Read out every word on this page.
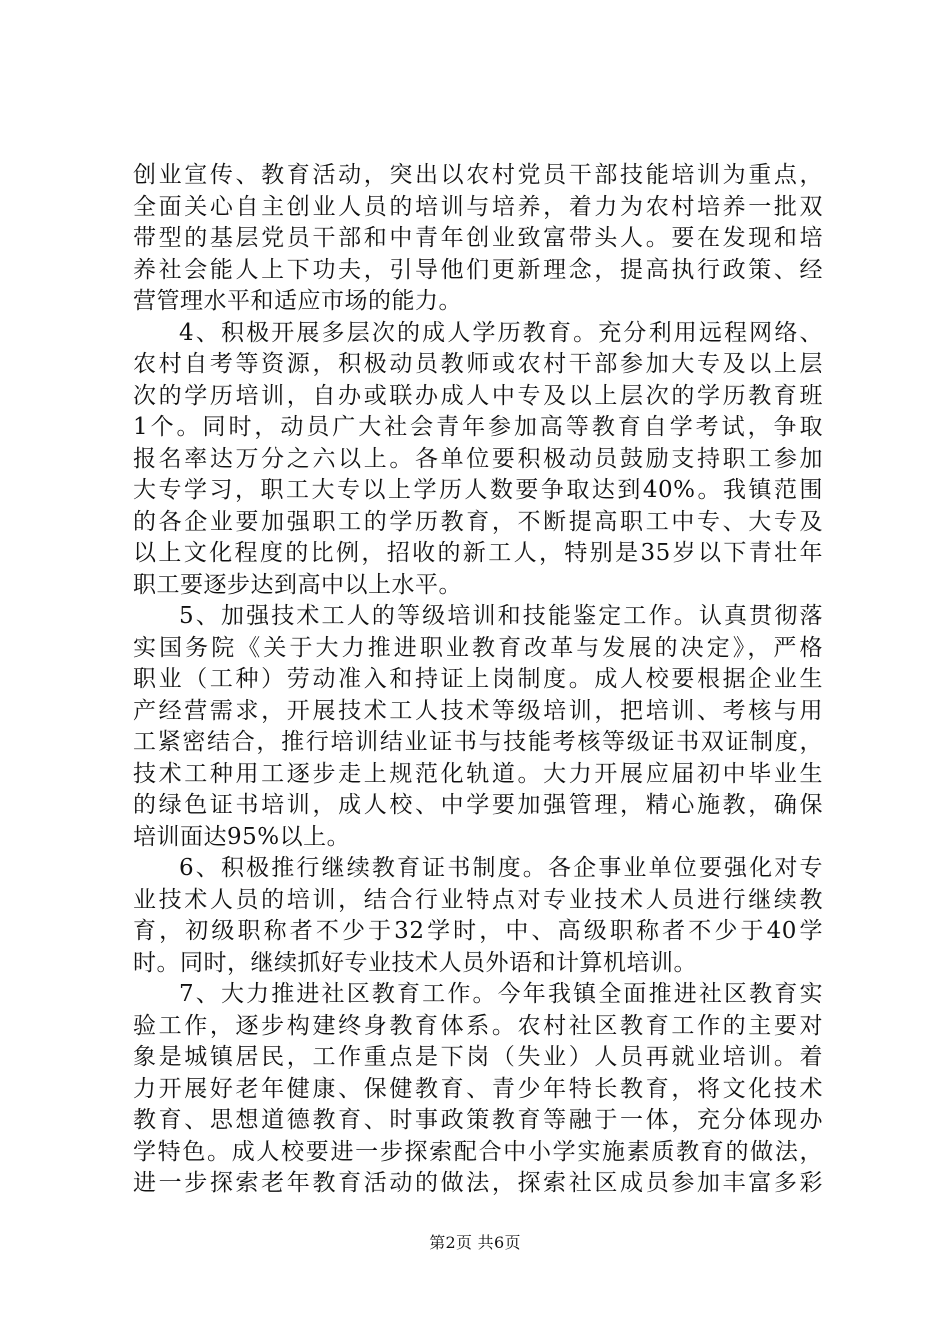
创业宣传、教育活动，突出以农村党员干部技能培训为重点，
全面关心自主创业人员的培训与培养，着力为农村培养一批双
带型的基层党员干部和中青年创业致富带头人。要在发现和培
养社会能人上下功夫，引导他们更新理念，提高执行政策、经
营管理水平和适应市场的能力。
4、积极开展多层次的成人学历教育。充分利用远程网络、
农村自考等资源，积极动员教师或农村干部参加大专及以上层
次的学历培训，自办或联办成人中专及以上层次的学历教育班
1个。同时，动员广大社会青年参加高等教育自学考试，争取
报名率达万分之六以上。各单位要积极动员鼓励支持职工参加
大专学习，职工大专以上学历人数要争取达到40%。我镇范围
的各企业要加强职工的学历教育，不断提高职工中专、大专及
以上文化程度的比例，招收的新工人，特别是35岁以下青壮年
职工要逐步达到高中以上水平。
5、加强技术工人的等级培训和技能鉴定工作。认真贯彻落
实国务院《关于大力推进职业教育改革与发展的决定》，严格
职业（工种）劳动准入和持证上岗制度。成人校要根据企业生
产经营需求，开展技术工人技术等级培训，把培训、考核与用
工紧密结合，推行培训结业证书与技能考核等级证书双证制度，
技术工种用工逐步走上规范化轨道。大力开展应届初中毕业生
的绿色证书培训，成人校、中学要加强管理，精心施教，确保
培训面达95%以上。
6、积极推行继续教育证书制度。各企事业单位要强化对专
业技术人员的培训，结合行业特点对专业技术人员进行继续教
育，初级职称者不少于32学时，中、高级职称者不少于40学
时。同时，继续抓好专业技术人员外语和计算机培训。
7、大力推进社区教育工作。今年我镇全面推进社区教育实
验工作，逐步构建终身教育体系。农村社区教育工作的主要对
象是城镇居民，工作重点是下岗（失业）人员再就业培训。着
力开展好老年健康、保健教育、青少年特长教育，将文化技术
教育、思想道德教育、时事政策教育等融于一体，充分体现办
学特色。成人校要进一步探索配合中小学实施素质教育的做法，
进一步探索老年教育活动的做法，探索社区成员参加丰富多彩
第2页 共6页
